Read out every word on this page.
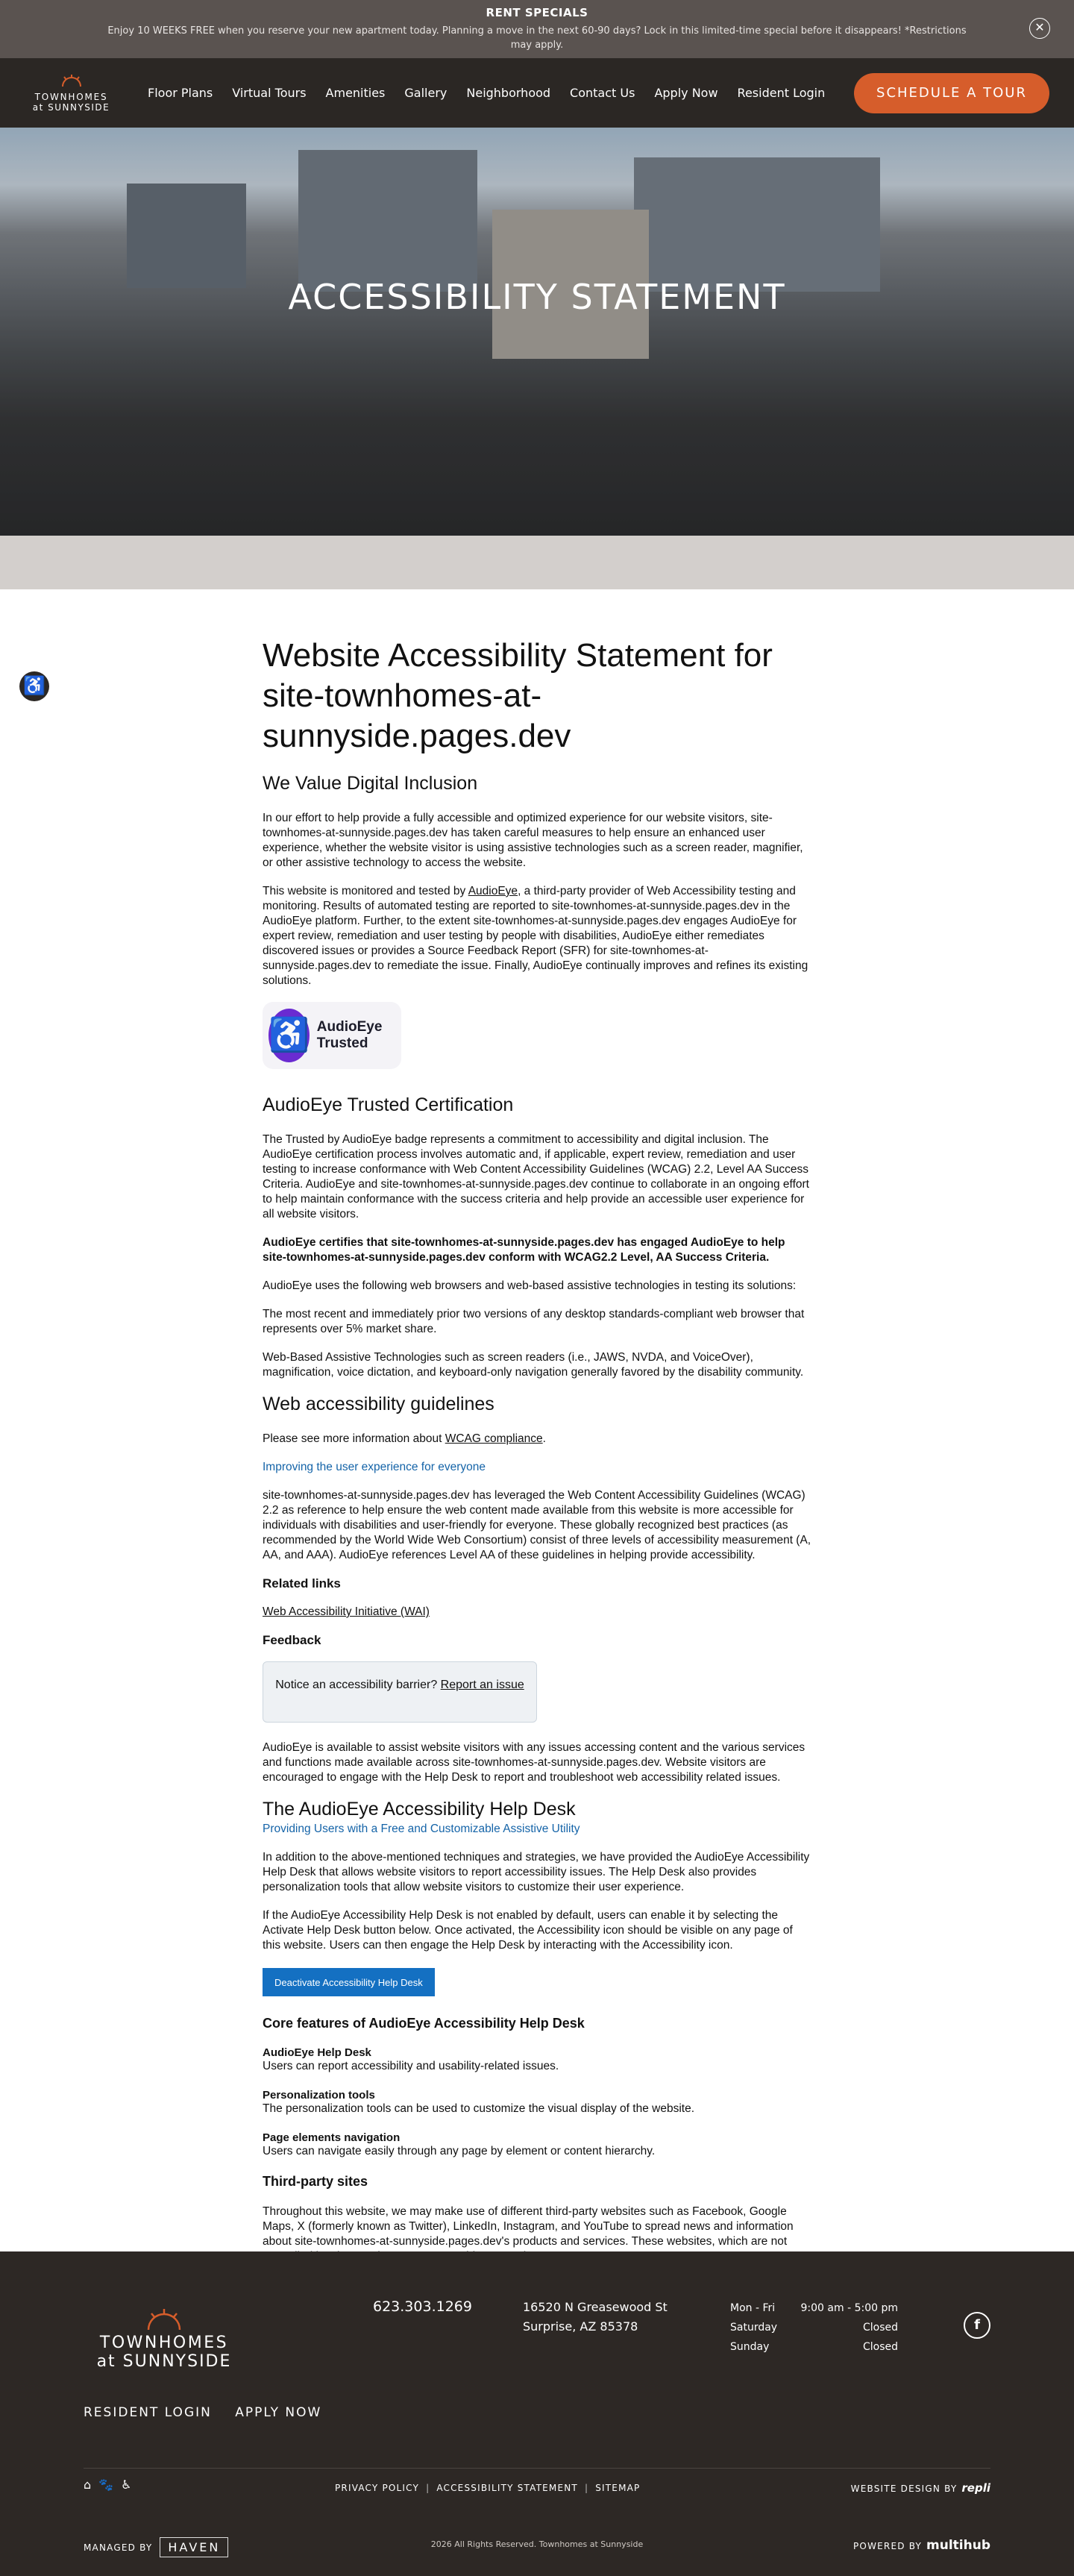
RENT SPECIALS

Enjoy 10 WEEKS FREE when you reserve your new apartment today. Planning a move in the next 60-90 days? Lock in this limited-time special before it disappears! *Restrictions may apply.

✕
TOWNHOMES
at SUNNYSIDE
Floor Plans Virtual Tours Amenities Gallery Neighborhood Contact Us Apply Now Resident Login	SCHEDULE A TOUR
ACCESSIBILITY STATEMENT
♿
Website Accessibility Statement for site-townhomes-at-sunnyside.pages.dev
We Value Digital Inclusion

In our effort to help provide a fully accessible and optimized experience for our website visitors, site-townhomes-at-sunnyside.pages.dev has taken careful measures to help ensure an enhanced user experience, whether the website visitor is using assistive technologies such as a screen reader, magnifier, or other assistive technology to access the website.

This website is monitored and tested by AudioEye, a third-party provider of Web Accessibility testing and monitoring. Results of automated testing are reported to site-townhomes-at-sunnyside.pages.dev in the AudioEye platform. Further, to the extent site-townhomes-at-sunnyside.pages.dev engages AudioEye for expert review, remediation and user testing by people with disabilities, AudioEye either remediates discovered issues or provides a Source Feedback Report (SFR) for site-townhomes-at-sunnyside.pages.dev to remediate the issue. Finally, AudioEye continually improves and refines its existing solutions.

♿ AudioEye Trusted
AudioEye Trusted Certification

The Trusted by AudioEye badge represents a commitment to accessibility and digital inclusion. The AudioEye certification process involves automatic and, if applicable, expert review, remediation and user testing to increase conformance with Web Content Accessibility Guidelines (WCAG) 2.2, Level AA Success Criteria. AudioEye and site-townhomes-at-sunnyside.pages.dev continue to collaborate in an ongoing effort to help maintain conformance with the success criteria and help provide an accessible user experience for all website visitors.

AudioEye certifies that site-townhomes-at-sunnyside.pages.dev has engaged AudioEye to help site-townhomes-at-sunnyside.pages.dev conform with WCAG2.2 Level, AA Success Criteria.

AudioEye uses the following web browsers and web-based assistive technologies in testing its solutions:

The most recent and immediately prior two versions of any desktop standards-compliant web browser that represents over 5% market share.

Web-Based Assistive Technologies such as screen readers (i.e., JAWS, NVDA, and VoiceOver), magnification, voice dictation, and keyboard-only navigation generally favored by the disability community.

Web accessibility guidelines

Please see more information about WCAG compliance.

Improving the user experience for everyone

site-townhomes-at-sunnyside.pages.dev has leveraged the Web Content Accessibility Guidelines (WCAG) 2.2 as reference to help ensure the web content made available from this website is more accessible for individuals with disabilities and user-friendly for everyone. These globally recognized best practices (as recommended by the World Wide Web Consortium) consist of three levels of accessibility measurement (A, AA, and AAA). AudioEye references Level AA of these guidelines in helping provide accessibility.

Related links

Web Accessibility Initiative (WAI)

Feedback
Notice an accessibility barrier? Report an issue

AudioEye is available to assist website visitors with any issues accessing content and the various services and functions made available across site-townhomes-at-sunnyside.pages.dev. Website visitors are encouraged to engage with the Help Desk to report and troubleshoot web accessibility related issues.

The AudioEye Accessibility Help Desk

Providing Users with a Free and Customizable Assistive Utility

In addition to the above-mentioned techniques and strategies, we have provided the AudioEye Accessibility Help Desk that allows website visitors to report accessibility issues. The Help Desk also provides personalization tools that allow website visitors to customize their user experience.

If the AudioEye Accessibility Help Desk is not enabled by default, users can enable it by selecting the Activate Help Desk button below. Once activated, the Accessibility icon should be visible on any page of this website. Users can then engage the Help Desk by interacting with the Accessibility icon.

Deactivate Accessibility Help Desk
Core features of AudioEye Accessibility Help Desk
AudioEye Help Desk

Users can report accessibility and usability-related issues.

Personalization tools

The personalization tools can be used to customize the visual display of the website.

Page elements navigation

Users can navigate easily through any page by element or content hierarchy.

Third-party sites

Throughout this website, we may make use of different third-party websites such as Facebook, Google Maps, X (formerly known as Twitter), LinkedIn, Instagram, and YouTube to spread news and information about site-townhomes-at-sunnyside.pages.dev's products and services. These websites, which are not

TOWNHOMES
at SUNNYSIDE
623.303.1269	16520 N Greasewood St
Surprise, AZ 85378
Mon - Fri	9:00 am - 5:00 pm
Saturday	Closed
Sunday	Closed
f
RESIDENT LOGIN APPLY NOW
⌂🐾♿	PRIVACY POLICY | ACCESSIBILITY STATEMENT | SITEMAP	WEBSITE DESIGN BY repli
MANAGED BY	HAVEN	2026 All Rights Reserved. Townhomes at Sunnyside	POWERED BY multihub
